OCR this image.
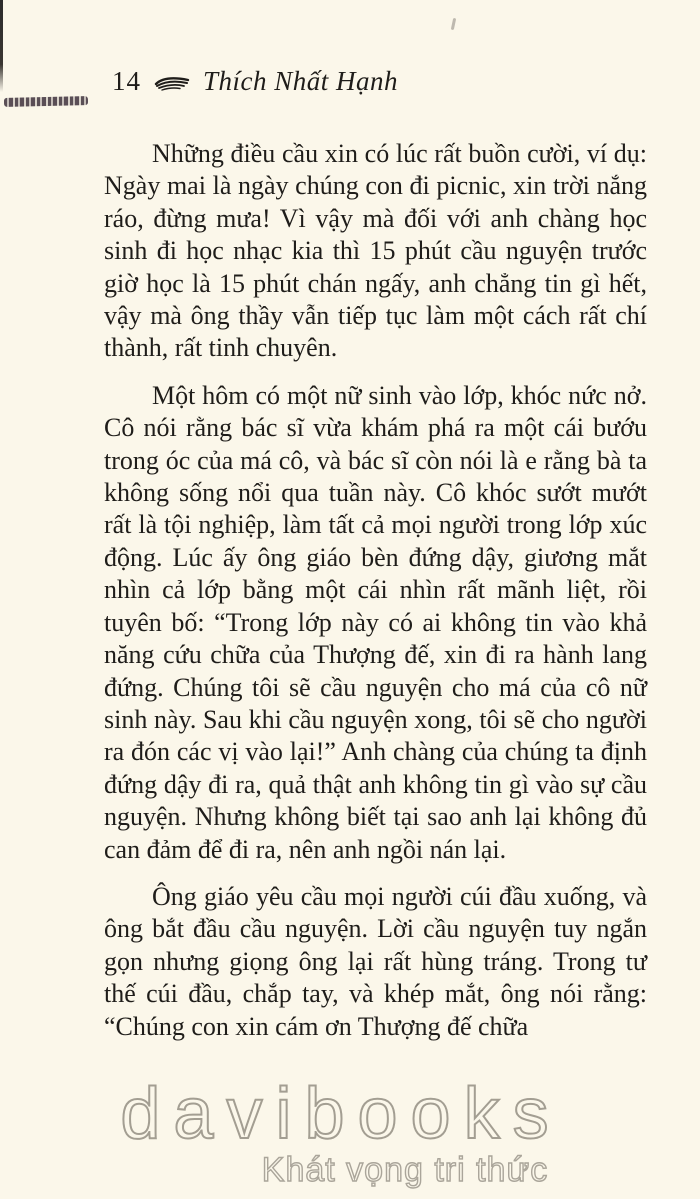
14 Thích Nhất Hạnh

Những điều cầu xin có lúc rất buồn cười, ví dụ: Ngày mai là ngày chúng con đi picnic, xin trời nắng ráo, đừng mưa! Vì vậy mà đối với anh chàng học sinh đi học nhạc kia thì 15 phút cầu nguyện trước giờ học là 15 phút chán ngấy, anh chẳng tin gì hết, vậy mà ông thầy vẫn tiếp tục làm một cách rất chí thành, rất tinh chuyên.

Một hôm có một nữ sinh vào lớp, khóc nức nở. Cô nói rằng bác sĩ vừa khám phá ra một cái bướu trong óc của má cô, và bác sĩ còn nói là e rằng bà ta không sống nổi qua tuần này. Cô khóc sướt mướt rất là tội nghiệp, làm tất cả mọi người trong lớp xúc động. Lúc ấy ông giáo bèn đứng dậy, giương mắt nhìn cả lớp bằng một cái nhìn rất mãnh liệt, rồi tuyên bố: “Trong lớp này có ai không tin vào khả năng cứu chữa của Thượng đế, xin đi ra hành lang đứng. Chúng tôi sẽ cầu nguyện cho má của cô nữ sinh này. Sau khi cầu nguyện xong, tôi sẽ cho người ra đón các vị vào lại!” Anh chàng của chúng ta định đứng dậy đi ra, quả thật anh không tin gì vào sự cầu nguyện. Nhưng không biết tại sao anh lại không đủ can đảm để đi ra, nên anh ngồi nán lại.

Ông giáo yêu cầu mọi người cúi đầu xuống, và ông bắt đầu cầu nguyện. Lời cầu nguyện tuy ngắn gọn nhưng giọng ông lại rất hùng tráng. Trong tư thế cúi đầu, chắp tay, và khép mắt, ông nói rằng: “Chúng con xin cám ơn Thượng đế chữa

davibooks
Khát vọng tri thức
